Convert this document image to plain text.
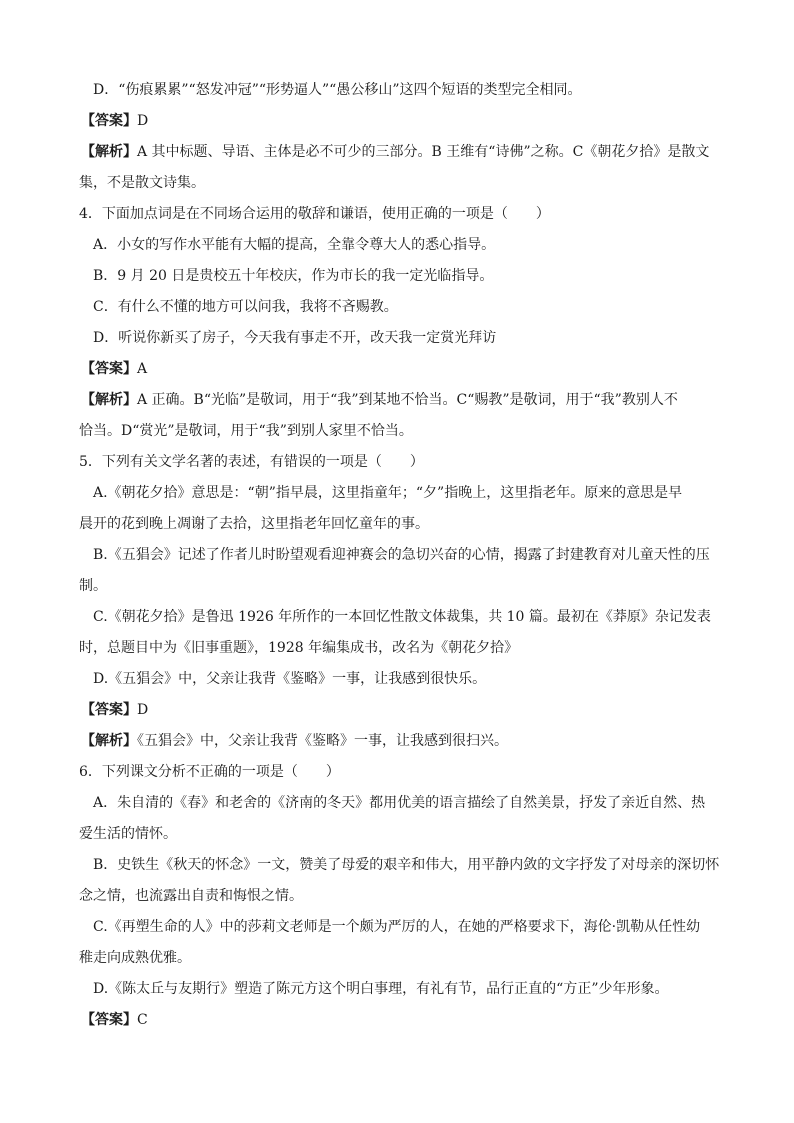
D．“伤痕累累”“怒发冲冠”“形势逼人”“愚公移山”这四个短语的类型完全相同。

【答案】D

【解析】A 其中标题、导语、主体是必不可少的三部分。B 王维有“诗佛”之称。C《朝花夕拾》是散文

集，不是散文诗集。

4．下面加点词是在不同场合运用的敬辞和谦语，使用正确的一项是（　　）

A．小女的写作水平能有大幅的提高，全靠令尊大人的悉心指导。

B．9 月 20 日是贵校五十年校庆，作为市长的我一定光临指导。

C．有什么不懂的地方可以问我，我将不吝赐教。

D．听说你新买了房子，今天我有事走不开，改天我一定赏光拜访

【答案】A

【解析】A 正确。B“光临”是敬词，用于“我”到某地不恰当。C“赐教”是敬词，用于“我”教别人不

恰当。D“赏光”是敬词，用于“我”到别人家里不恰当。

5．下列有关文学名著的表述，有错误的一项是（　　）

A.《朝花夕拾》意思是：“朝”指早晨，这里指童年；“夕”指晚上，这里指老年。原来的意思是早

晨开的花到晚上凋谢了去拾，这里指老年回忆童年的事。

B.《五猖会》记述了作者儿时盼望观看迎神赛会的急切兴奋的心情，揭露了封建教育对儿童天性的压

制。

C.《朝花夕拾》是鲁迅 1926 年所作的一本回忆性散文体裁集，共 10 篇。最初在《莽原》杂记发表

时，总题目中为《旧事重题》，1928 年编集成书，改名为《朝花夕拾》

D.《五猖会》中，父亲让我背《鉴略》一事，让我感到很快乐。

【答案】D

【解析】《五猖会》中，父亲让我背《鉴略》一事，让我感到很扫兴。

6．下列课文分析不正确的一项是（　　）

A．朱自清的《春》和老舍的《济南的冬天》都用优美的语言描绘了自然美景，抒发了亲近自然、热

爱生活的情怀。

B．史铁生《秋天的怀念》一文，赞美了母爱的艰辛和伟大，用平静内敛的文字抒发了对母亲的深切怀

念之情，也流露出自责和悔恨之情。

C.《再塑生命的人》中的莎莉文老师是一个颇为严厉的人，在她的严格要求下，海伦·凯勒从任性幼

稚走向成熟优雅。

D.《陈太丘与友期行》塑造了陈元方这个明白事理，有礼有节，品行正直的“方正”少年形象。

【答案】C
